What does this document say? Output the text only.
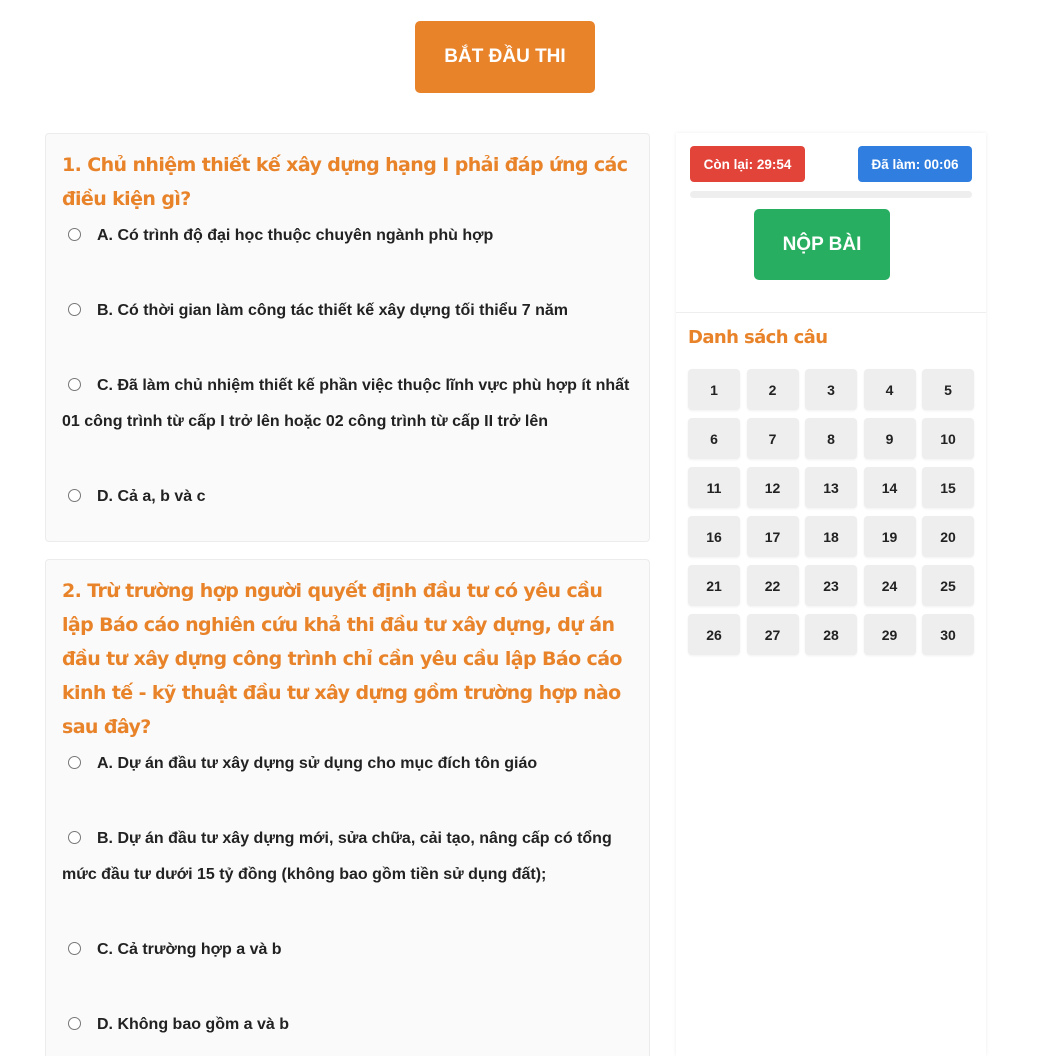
BẮT ĐẦU THI
1. Chủ nhiệm thiết kế xây dựng hạng I phải đáp ứng các điều kiện gì?
A. Có trình độ đại học thuộc chuyên ngành phù hợp
B. Có thời gian làm công tác thiết kế xây dựng tối thiểu 7 năm
C. Đã làm chủ nhiệm thiết kế phần việc thuộc lĩnh vực phù hợp ít nhất 01 công trình từ cấp I trở lên hoặc 02 công trình từ cấp II trở lên
D. Cả a, b và c
2. Trừ trường hợp người quyết định đầu tư có yêu cầu lập Báo cáo nghiên cứu khả thi đầu tư xây dựng, dự án đầu tư xây dựng công trình chỉ cần yêu cầu lập Báo cáo kinh tế - kỹ thuật đầu tư xây dựng gồm trường hợp nào sau đây?
A. Dự án đầu tư xây dựng sử dụng cho mục đích tôn giáo
B. Dự án đầu tư xây dựng mới, sửa chữa, cải tạo, nâng cấp có tổng mức đầu tư dưới 15 tỷ đồng (không bao gồm tiền sử dụng đất);
C. Cả trường hợp a và b
D. Không bao gồm a và b
Còn lại: 29:54	Đã làm: 00:06
NỘP BÀI
Danh sách câu
1	2	3	4	5
6	7	8	9	10
11	12	13	14	15
16	17	18	19	20
21	22	23	24	25
26	27	28	29	30
